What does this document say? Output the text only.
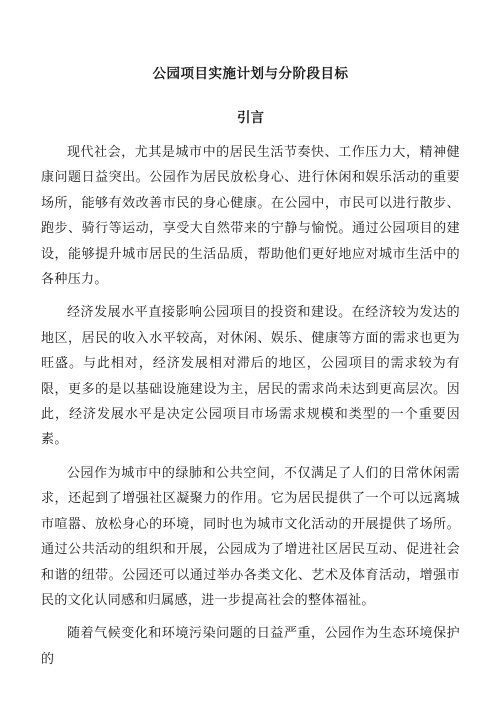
公园项目实施计划与分阶段目标
引言

现代社会，尤其是城市中的居民生活节奏快、工作压力大，精神健康问题日益突出。公园作为居民放松身心、进行休闲和娱乐活动的重要场所，能够有效改善市民的身心健康。在公园中，市民可以进行散步、跑步、骑行等运动，享受大自然带来的宁静与愉悦。通过公园项目的建设，能够提升城市居民的生活品质，帮助他们更好地应对城市生活中的各种压力。

经济发展水平直接影响公园项目的投资和建设。在经济较为发达的地区，居民的收入水平较高，对休闲、娱乐、健康等方面的需求也更为旺盛。与此相对，经济发展相对滞后的地区，公园项目的需求较为有限，更多的是以基础设施建设为主，居民的需求尚未达到更高层次。因此，经济发展水平是决定公园项目市场需求规模和类型的一个重要因素。

公园作为城市中的绿肺和公共空间，不仅满足了人们的日常休闲需求，还起到了增强社区凝聚力的作用。它为居民提供了一个可以远离城市喧嚣、放松身心的环境，同时也为城市文化活动的开展提供了场所。通过公共活动的组织和开展，公园成为了增进社区居民互动、促进社会和谐的纽带。公园还可以通过举办各类文化、艺术及体育活动，增强市民的文化认同感和归属感，进一步提高社会的整体福祉。

随着气候变化和环境污染问题的日益严重，公园作为生态环境保护的
